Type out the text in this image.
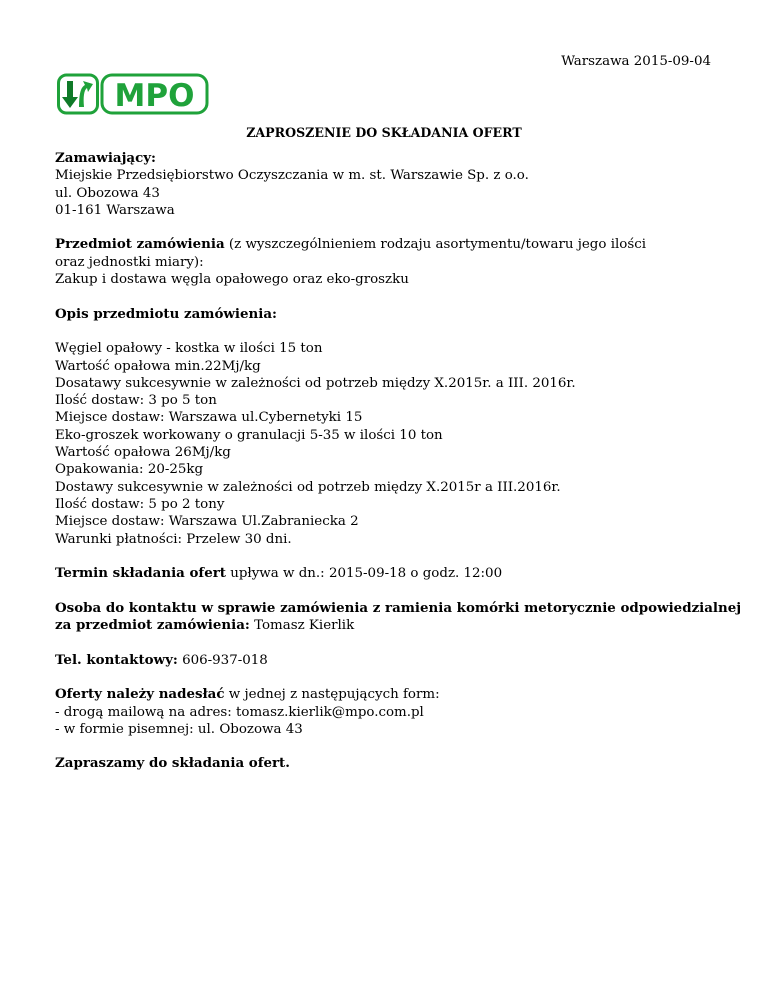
Warszawa 2015-09-04
MPO
ZAPROSZENIE DO SKŁADANIA OFERT
Zamawiający:
Miejskie Przedsiębiorstwo Oczyszczania w m. st. Warszawie Sp. z o.o.
ul. Obozowa 43
01-161 Warszawa
Przedmiot zamówienia (z wyszczególnieniem rodzaju asortymentu/towaru jego ilości oraz jednostki miary):
Zakup i dostawa węgla opałowego oraz eko-groszku
Opis przedmiotu zamówienia:
Węgiel opałowy - kostka w ilości 15 ton
Wartość opałowa min.22Mj/kg
Dosatawy sukcesywnie w zależności od potrzeb między X.2015r. a III. 2016r.
Ilość dostaw: 3 po 5 ton
Miejsce dostaw: Warszawa ul.Cybernetyki 15
Eko-groszek workowany o granulacji 5-35 w ilości 10 ton
Wartość opałowa 26Mj/kg
Opakowania: 20-25kg
Dostawy sukcesywnie w zależności od potrzeb między X.2015r a III.2016r.
Ilość dostaw: 5 po 2 tony
Miejsce dostaw: Warszawa Ul.Zabraniecka 2
Warunki płatności: Przelew 30 dni.
Termin składania ofert upływa w dn.: 2015-09-18 o godz. 12:00
Osoba do kontaktu w sprawie zamówienia z ramienia komórki metorycznie odpowiedzialnej
za przedmiot zamówienia: Tomasz Kierlik
Tel. kontaktowy: 606-937-018
Oferty należy nadesłać w jednej z następujących form:
- drogą mailową na adres: tomasz.kierlik@mpo.com.pl
- w formie pisemnej: ul. Obozowa 43
Zapraszamy do składania ofert.
